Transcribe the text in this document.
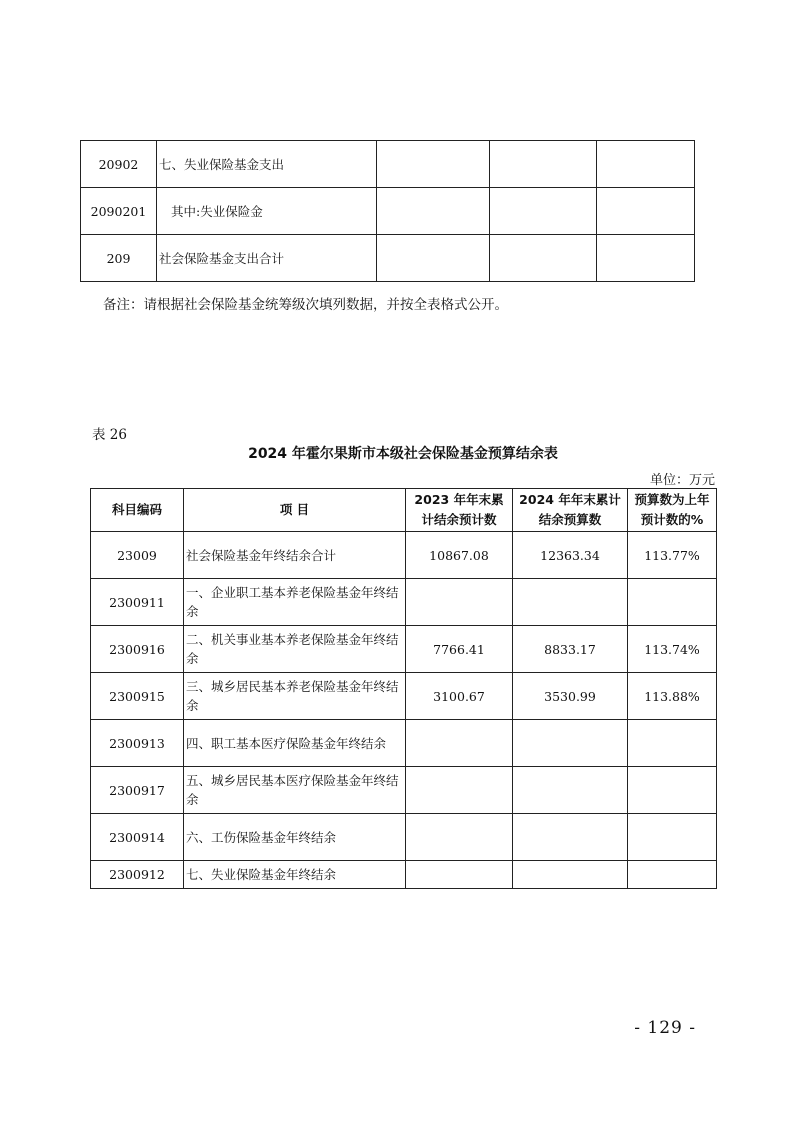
20902	七、失业保险基金支出			
2090201	其中:失业保险金			
209	社会保险基金支出合计			
备注：请根据社会保险基金统筹级次填列数据，并按全表格式公开。
表 26
2024 年霍尔果斯市本级社会保险基金预算结余表
单位：万元
科目编码	项 目	2023 年年末累计结余预计数	2024 年年末累计结余预算数	预算数为上年预计数的%
23009	社会保险基金年终结余合计	10867.08	12363.34	113.77%
2300911	一、企业职工基本养老保险基金年终结余			
2300916	二、机关事业基本养老保险基金年终结余	7766.41	8833.17	113.74%
2300915	三、城乡居民基本养老保险基金年终结余	3100.67	3530.99	113.88%
2300913	四、职工基本医疗保险基金年终结余			
2300917	五、城乡居民基本医疗保险基金年终结余			
2300914	六、工伤保险基金年终结余			
2300912	七、失业保险基金年终结余			
- 129 -
